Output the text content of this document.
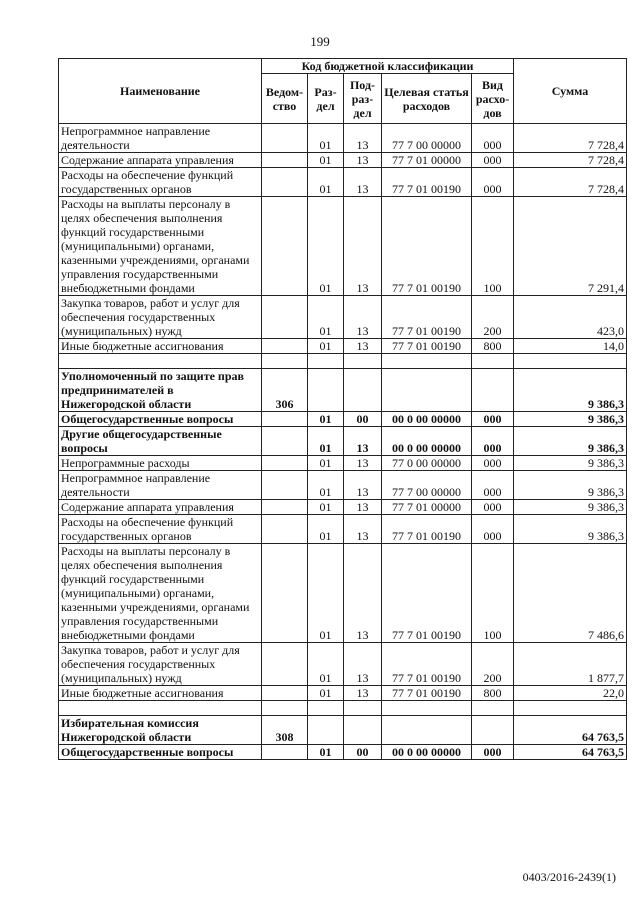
199
Наименование	Код бюджетной классификации					Сумма
	Ведом-ство	Раз-дел	Под-раз-дел	Целевая статья расходов	Вид расхо-дов	
Непрограммное направление деятельности		01	13	77 7 00 00000	000	7 728,4
Содержание аппарата управления		01	13	77 7 01 00000	000	7 728,4
Расходы на обеспечение функций государственных органов		01	13	77 7 01 00190	000	7 728,4
Расходы на выплаты персоналу в целях обеспечения выполнения функций государственными (муниципальными) органами, казенными учреждениями, органами управления государственными внебюджетными фондами		01	13	77 7 01 00190	100	7 291,4
Закупка товаров, работ и услуг для обеспечения государственных (муниципальных) нужд		01	13	77 7 01 00190	200	423,0
Иные бюджетные ассигнования		01	13	77 7 01 00190	800	14,0

Уполномоченный по защите прав предпринимателей в Нижегородской области	306					9 386,3
Общегосударственные вопросы		01	00	00 0 00 00000	000	9 386,3
Другие общегосударственные вопросы		01	13	00 0 00 00000	000	9 386,3
Непрограммные расходы		01	13	77 0 00 00000	000	9 386,3
Непрограммное направление деятельности		01	13	77 7 00 00000	000	9 386,3
Содержание аппарата управления		01	13	77 7 01 00000	000	9 386,3
Расходы на обеспечение функций государственных органов		01	13	77 7 01 00190	000	9 386,3
Расходы на выплаты персоналу в целях обеспечения выполнения функций государственными (муниципальными) органами, казенными учреждениями, органами управления государственными внебюджетными фондами		01	13	77 7 01 00190	100	7 486,6
Закупка товаров, работ и услуг для обеспечения государственных (муниципальных) нужд		01	13	77 7 01 00190	200	1 877,7
Иные бюджетные ассигнования		01	13	77 7 01 00190	800	22,0

Избирательная комиссия Нижегородской области	308					64 763,5
Общегосударственные вопросы		01	00	00 0 00 00000	000	64 763,5
0403/2016-2439(1)
